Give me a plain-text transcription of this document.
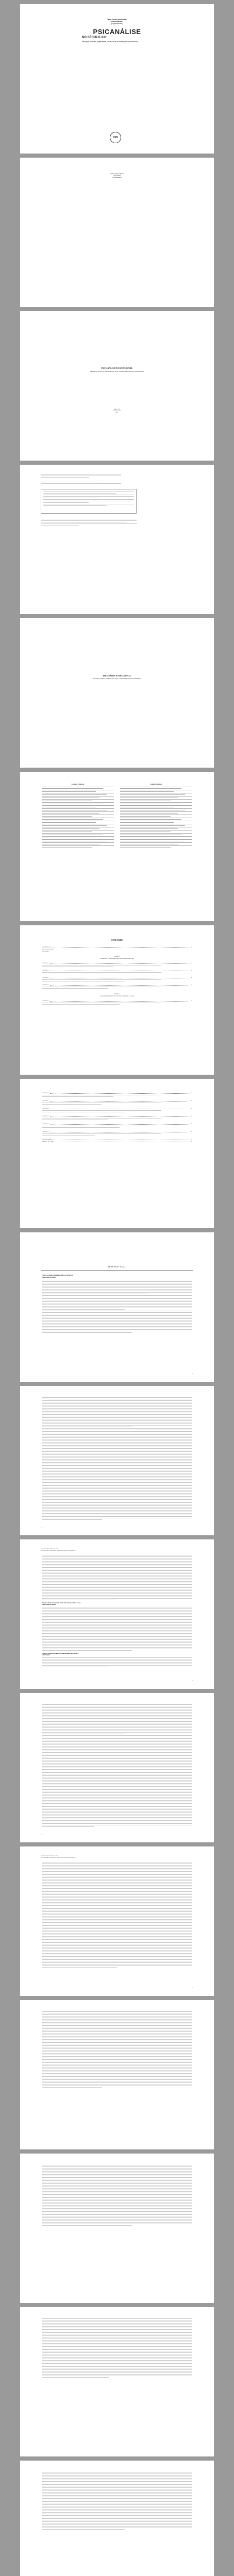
Tania Coelho dos Santos
Fabio Malcher
(Organizadores)
PSICANÁLISE
NO SÉCULO XXI:
ideologias políticas, subjetividade, laços sociais e intervenções psicanalíticas
CRV
Tania Coelho dos Santos
Fabio Malcher
(Organizadores)
PSICANÁLISE NO SÉCULO XXI:
ideologias políticas, subjetividade, laços sociais e intervenções psicanalíticas
Editora CRV
Curitiba – Brasil
2017
PSICANÁLISE NO SÉCULO XXI:
ideologias políticas, subjetividade, laços sociais e intervenções psicanalíticas
Conselho Editorial:	Comitê Científico:
SUMÁRIO
APRESENTAÇÃO	13
Tania Coelho dos Santos
Fabio Malcher
PARTE 1
VIOLÊNCIA E IDEOLOGIAS POLÍTICAS NO SÉCULO XXI
CAPÍTULO 1	21
CAPÍTULO 2	35
CAPÍTULO 3	49
CAPÍTULO 4	63
PARTE 2
A SUBJETIVIDADE NO SÉCULO XXI: SINTOMAS E LAÇOS
CAPÍTULO 5	79
CAPÍTULO 6	93
CAPÍTULO 7	107
CAPÍTULO 8	121
CAPÍTULO 9	135
CAPÍTULO 10	149
CAPÍTULO 11	163
ÍNDICE REMISSIVO	177
SOBRE OS AUTORES	181
APRESENTAÇÃO
Parte 1: psicanálise e ideologias políticas no século XXI
Tania Coelho dos Santos
13
14
PSICANÁLISE NO SÉCULO XXI:
ideologias políticas, subjetividade, laços sociais e intervenções psicanalíticas
Parte II: a clínica ameaçada no século XXI: sintomas clínicos e laços
Tania Coelho dos Santos
Parte III: a clínica no século XXI: a subjetividade, laços sociais e
Fabio Malcher
15
16
PSICANÁLISE NO SÉCULO XXI:
ideologias políticas, subjetividade, laços sociais e intervenções psicanalíticas
17
